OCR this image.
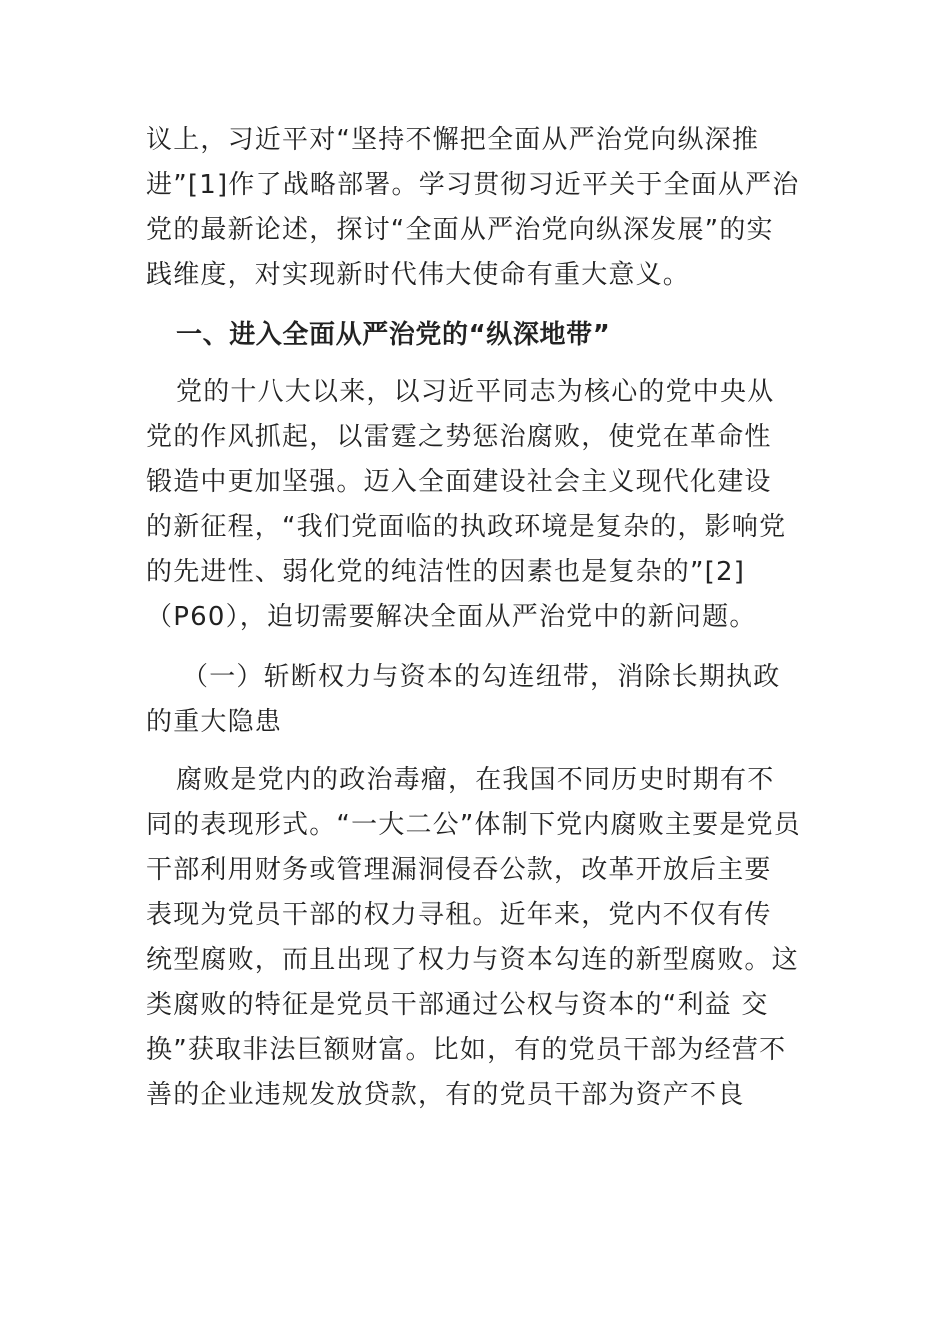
议上，习近平对“坚持不懈把全面从严治党向纵深推
进”[1]作了战略部署。学习贯彻习近平关于全面从严治
党的最新论述，探讨“全面从严治党向纵深发展”的实
践维度，对实现新时代伟大使命有重大意义。
一、进入全面从严治党的“纵深地带”
党的十八大以来，以习近平同志为核心的党中央从
党的作风抓起，以雷霆之势惩治腐败，使党在革命性
锻造中更加坚强。迈入全面建设社会主义现代化建设
的新征程，“我们党面临的执政环境是复杂的，影响党
的先进性、弱化党的纯洁性的因素也是复杂的”[2]
（P60），迫切需要解决全面从严治党中的新问题。
（一）斩断权力与资本的勾连纽带，消除长期执政
的重大隐患
腐败是党内的政治毒瘤，在我国不同历史时期有不
同的表现形式。“一大二公”体制下党内腐败主要是党员
干部利用财务或管理漏洞侵吞公款，改革开放后主要
表现为党员干部的权力寻租。近年来，党内不仅有传
统型腐败，而且出现了权力与资本勾连的新型腐败。这
类腐败的特征是党员干部通过公权与资本的“利益 交
换”获取非法巨额财富。比如，有的党员干部为经营不
善的企业违规发放贷款，有的党员干部为资产不良
